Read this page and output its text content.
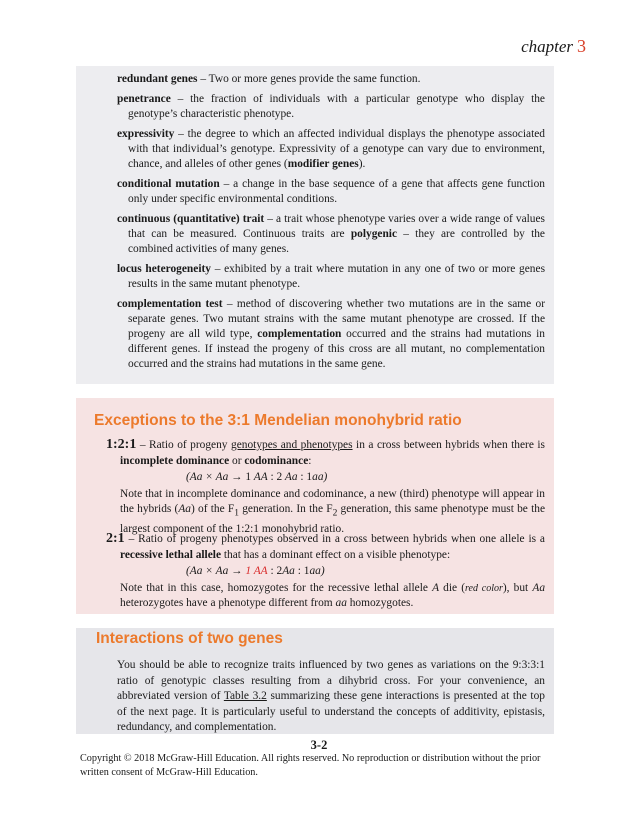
chapter 3

redundant genes – Two or more genes provide the same function.

penetrance – the fraction of individuals with a particular genotype who display the genotype’s characteristic phenotype.

expressivity – the degree to which an affected individual displays the phenotype associated with that individual’s genotype. Expressivity of a genotype can vary due to environment, chance, and alleles of other genes (modifier genes).

conditional mutation – a change in the base sequence of a gene that affects gene function only under specific environmental conditions.

continuous (quantitative) trait – a trait whose phenotype varies over a wide range of values that can be measured. Continuous traits are polygenic – they are controlled by the combined activities of many genes.

locus heterogeneity – exhibited by a trait where mutation in any one of two or more genes results in the same mutant phenotype.

complementation test – method of discovering whether two mutations are in the same or separate genes. Two mutant strains with the same mutant phenotype are crossed. If the progeny are all wild type, complementation occurred and the strains had mutations in different genes. If instead the progeny of this cross are all mutant, no complementation occurred and the strains had mutations in the same gene.

Exceptions to the 3:1 Mendelian monohybrid ratio

1:2:1 – Ratio of progeny genotypes and phenotypes in a cross between hybrids when there is incomplete dominance or codominance:

(Aa × Aa → 1 AA : 2 Aa : 1aa)

Note that in incomplete dominance and codominance, a new (third) phenotype will appear in the hybrids (Aa) of the $F_1$ generation. In the $F_2$ generation, this same phenotype must be the largest component of the 1:2:1 monohybrid ratio.

2:1 – Ratio of progeny phenotypes observed in a cross between hybrids when one allele is a recessive lethal allele that has a dominant effect on a visible phenotype:

(Aa × Aa → 1 AA : 2Aa : 1aa)

Note that in this case, homozygotes for the recessive lethal allele A die (red color), but Aa heterozygotes have a phenotype different from aa homozygotes.

Interactions of two genes

You should be able to recognize traits influenced by two genes as variations on the 9:3:3:1 ratio of genotypic classes resulting from a dihybrid cross. For your convenience, an abbreviated version of Table 3.2 summarizing these gene interactions is presented at the top of the next page. It is particularly useful to understand the concepts of additivity, epistasis, redundancy, and complementation.

3-2
Copyright © 2018 McGraw-Hill Education. All rights reserved. No reproduction or distribution without the prior written consent of McGraw-Hill Education.
